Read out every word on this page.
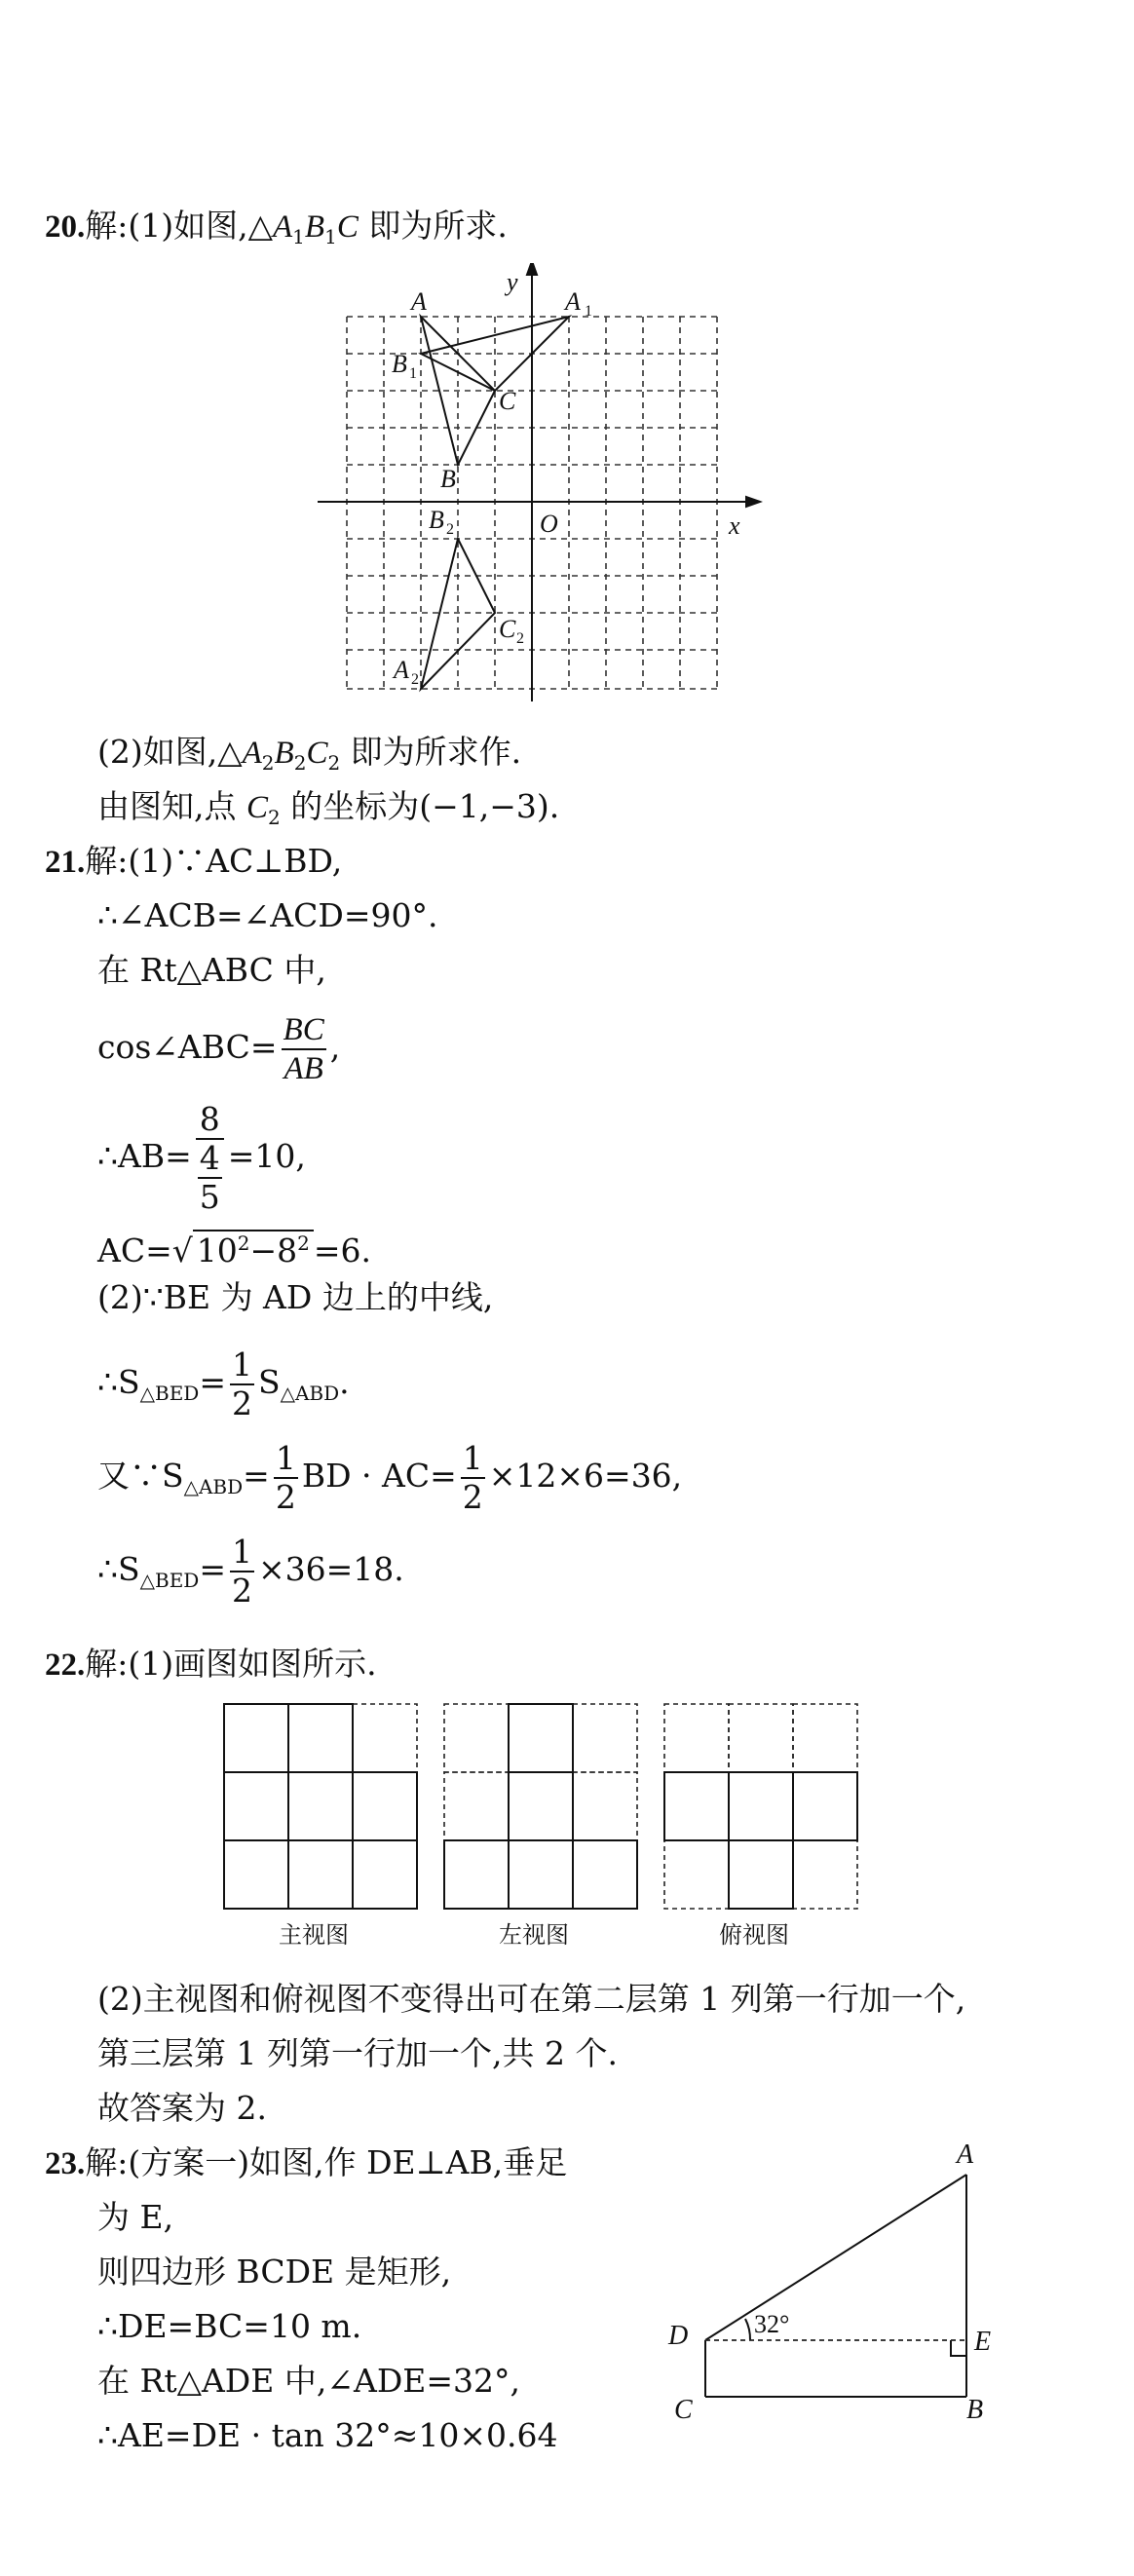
20.解:(1)如图$,\triangle A_1B_1C$ 即为所求.
x
y
O
A	A 1
B 1
C
B
B 2
C 2
A 2
(2)如图$,\triangle A_2B_2C_2$ 即为所求作.
由图知,点 $C_2$ 的坐标为(−1,−3).
21.解:(1)∵AC⊥BD,
∴∠ACB=∠ACD=90°.
在 Rt△ABC 中,
cos∠ABC= $\frac{BC}{AB}$ ,
∴AB= $\frac{8}{\frac{4}{5}} =10$,
AC=√ $10^2-8^2 =6$.
(2)∵BE 为 AD 边上的中线,
$\therefore S_{\triangle BED}= \frac{1}{2} S_{\triangle ABD}$.
又$\because S_{\triangle ABD}= \frac{1}{2}$ BD · $AC= \frac{1}{2} \times 12\times 6=36$,
$\therefore S_{\triangle BED}= \frac{1}{2} \times 36=18$.
22.解:(1)画图如图所示.
主视图	左视图	俯视图
(2)主视图和俯视图不变得出可在第二层第 1 列第一行加一个,
第三层第 1 列第一行加一个,共 2 个.
故答案为 2.
23.解:(方案一)如图,作 DE⊥AB,垂足
为 E,
则四边形 BCDE 是矩形,
∴DE=BC=10 m.
在 Rt△ADE 中,∠ADE=32°,
∴AE=DE · tan 32°≈10×0.64
A
D	E
C	B
32°
